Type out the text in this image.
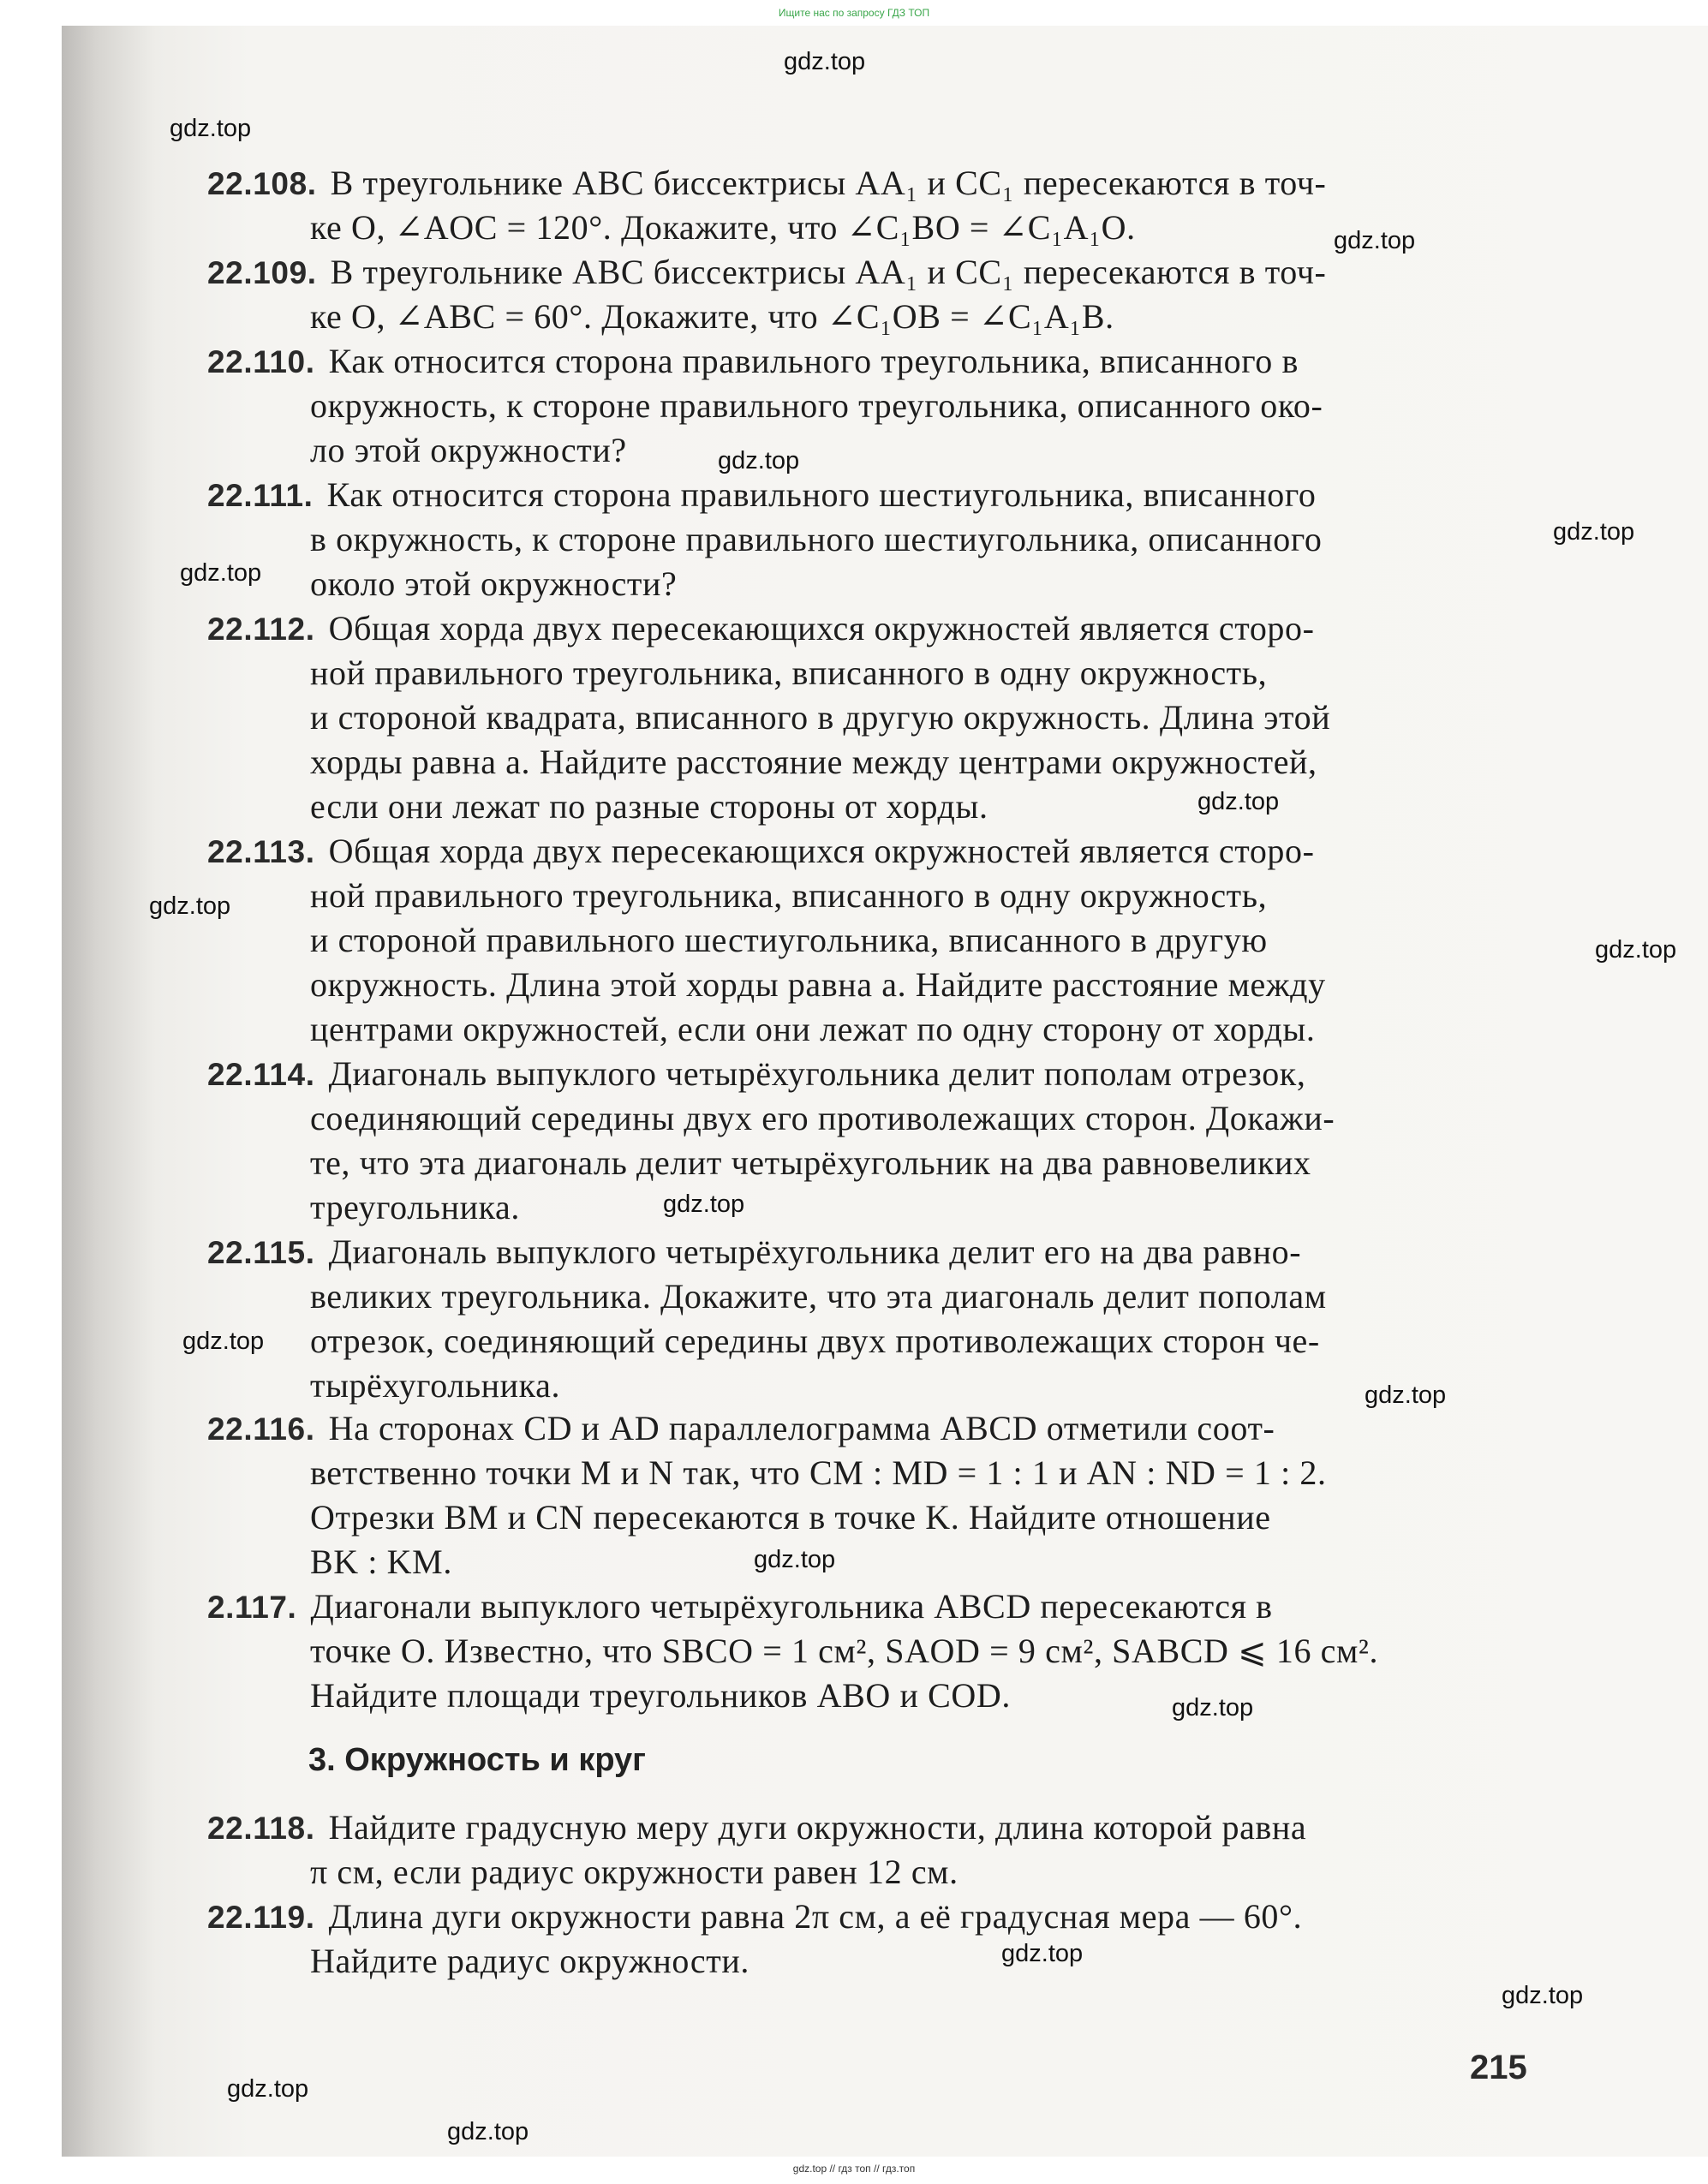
Ищите нас по запросу ГДЗ ТОП
gdz.top
gdz.top
gdz.top
gdz.top
gdz.top
gdz.top
gdz.top
gdz.top
gdz.top
gdz.top
gdz.top
gdz.top
gdz.top
gdz.top
gdz.top
gdz.top
gdz.top
gdz.top
22.108. В треугольнике ABC биссектрисы AA₁ и CC₁ пересекаются в точ-
ке O, ∠AOC = 120°. Докажите, что ∠C₁BO = ∠C₁A₁O.
22.109. В треугольнике ABC биссектрисы AA₁ и CC₁ пересекаются в точ-
ке O, ∠ABC = 60°. Докажите, что ∠C₁OB = ∠C₁A₁B.
22.110. Как относится сторона правильного треугольника, вписанного в
окружность, к стороне правильного треугольника, описанного око-
ло этой окружности?
22.111. Как относится сторона правильного шестиугольника, вписанного
в окружность, к стороне правильного шестиугольника, описанного
около этой окружности?
22.112. Общая хорда двух пересекающихся окружностей является сторо-
ной правильного треугольника, вписанного в одну окружность,
и стороной квадрата, вписанного в другую окружность. Длина этой
хорды равна a. Найдите расстояние между центрами окружностей,
если они лежат по разные стороны от хорды.
22.113. Общая хорда двух пересекающихся окружностей является сторо-
ной правильного треугольника, вписанного в одну окружность,
и стороной правильного шестиугольника, вписанного в другую
окружность. Длина этой хорды равна a. Найдите расстояние между
центрами окружностей, если они лежат по одну сторону от хорды.
22.114. Диагональ выпуклого четырёхугольника делит пополам отрезок,
соединяющий середины двух его противолежащих сторон. Докажи-
те, что эта диагональ делит четырёхугольник на два равновеликих
треугольника.
22.115. Диагональ выпуклого четырёхугольника делит его на два равно-
великих треугольника. Докажите, что эта диагональ делит пополам
отрезок, соединяющий середины двух противолежащих сторон че-
тырёхугольника.
22.116. На сторонах CD и AD параллелограмма ABCD отметили соот-
ветственно точки M и N так, что CM : MD = 1 : 1 и AN : ND = 1 : 2.
Отрезки BM и CN пересекаются в точке K. Найдите отношение
BK : KM.
2.117. Диагонали выпуклого четырёхугольника ABCD пересекаются в
точке O. Известно, что SBCO = 1 см², SAOD = 9 см², SABCD ⩽ 16 см².
Найдите площади треугольников ABO и COD.
22.118. Найдите градусную меру дуги окружности, длина которой равна
π см, если радиус окружности равен 12 см.
22.119. Длина дуги окружности равна 2π см, а её градусная мера — 60°.
Найдите радиус окружности.
3. Окружность и круг
215
gdz.top // гдз топ // гдз.топ
